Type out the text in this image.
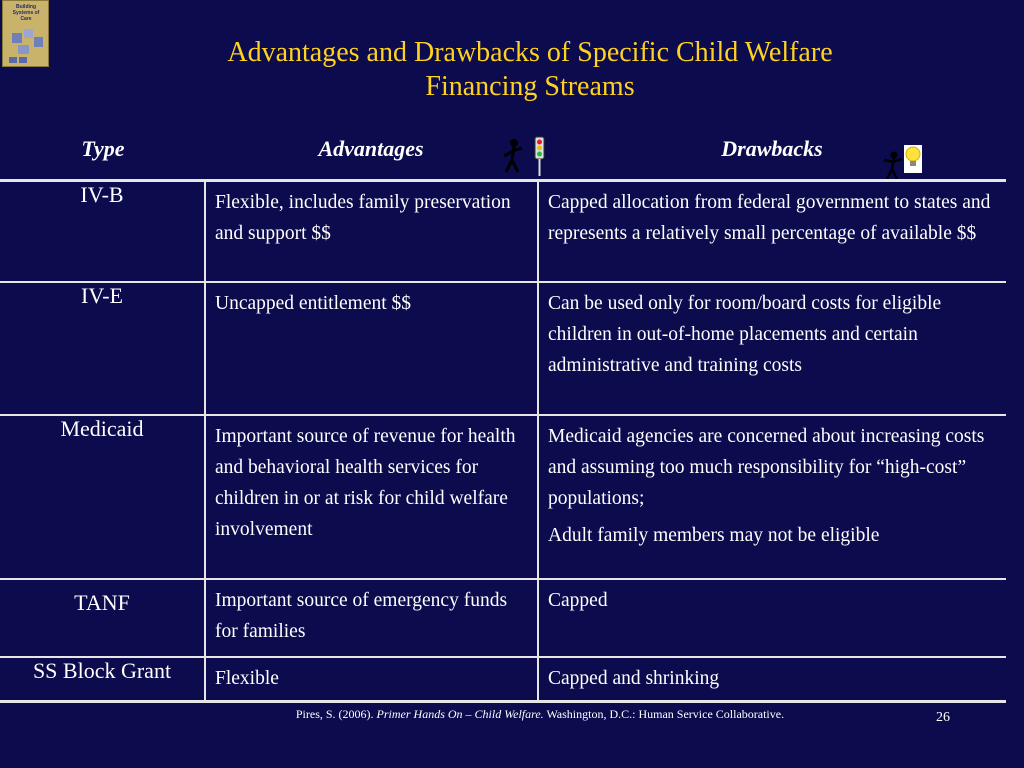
Building Systems of Care
Advantages and Drawbacks of Specific Child Welfare
Financing Streams
Type	Advantages	Drawbacks
IV-B	Flexible, includes family preservation and support $$	Capped allocation from federal government to states and represents a relatively small percentage of available $$

IV-E	Uncapped entitlement $$	Can be used only for room/board costs for eligible children in out-of-home placements and certain administrative and training costs

Medicaid	Important source of revenue for health and behavioral health services for children in or at risk for child welfare involvement	Medicaid agencies are concerned about increasing costs and assuming too much responsibility for “high-cost” populations;

Adult family members may not be eligible

TANF	Important source of emergency funds for families	Capped

SS Block Grant	Flexible	Capped and shrinking

Pires, S. (2006). Primer Hands On – Child Welfare. Washington, D.C.: Human Service Collaborative.	26
